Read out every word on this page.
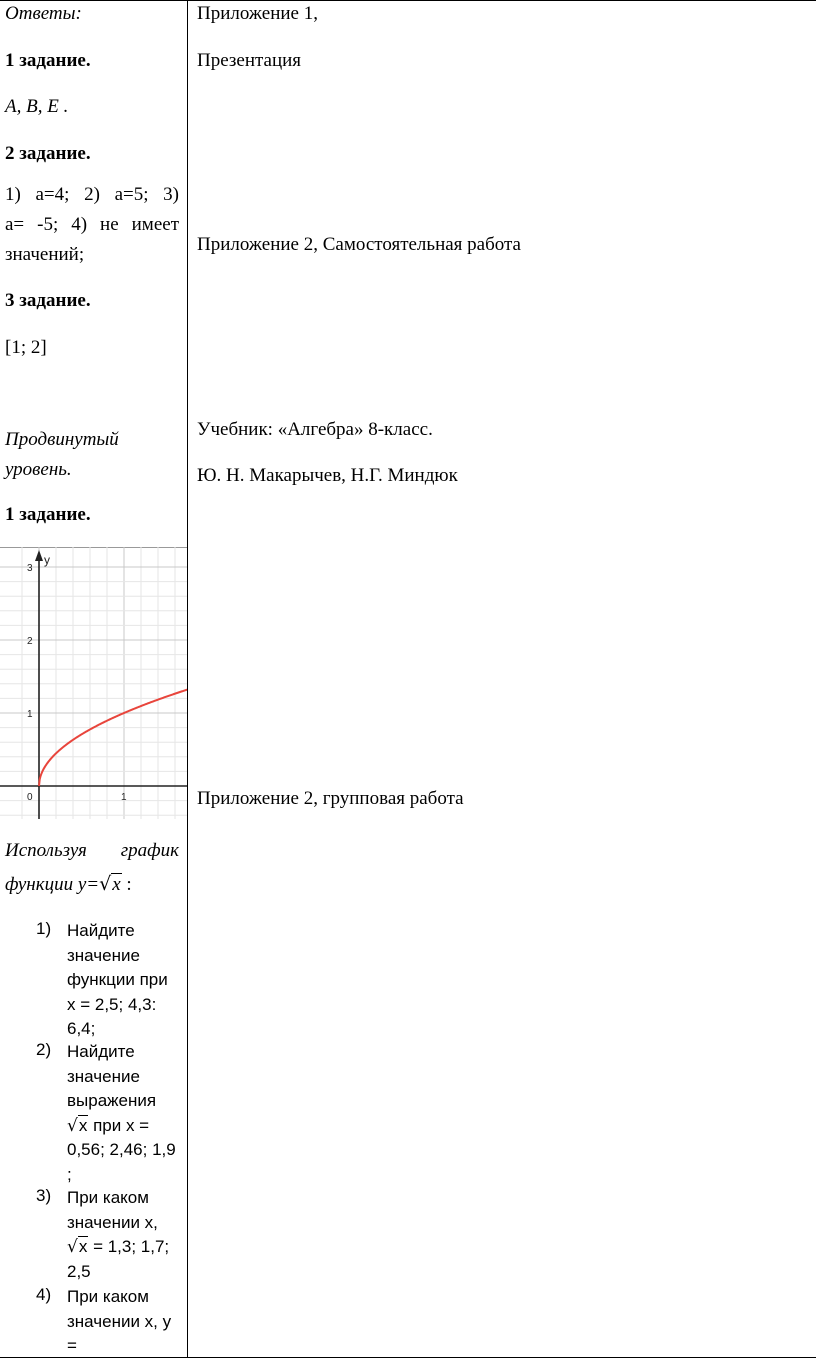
Ответы:
1 задание.
A, B, E .
2 задание.
1) a=4; 2) a=5; 3)
a= -5; 4) не имеет
значений;
3 задание.
[1; 2]
Продвинутый
уровень.
1 задание.
y
0	1
1
2
3
Используя график
функции y=√x :
1) Найдите значение функции при x = 2,5; 4,3: 6,4;
2) Найдите значение выражения √x при x = 0,56; 2,46; 1,9 ;
3) При каком значении x, √x = 1,3; 1,7; 2,5
4) При каком значении x, y =
Приложение 1,
Презентация
Приложение 2, Самостоятельная работа
Учебник: «Алгебра» 8-класс.
Ю. Н. Макарычев, Н.Г. Миндюк
Приложение 2, групповая работа
